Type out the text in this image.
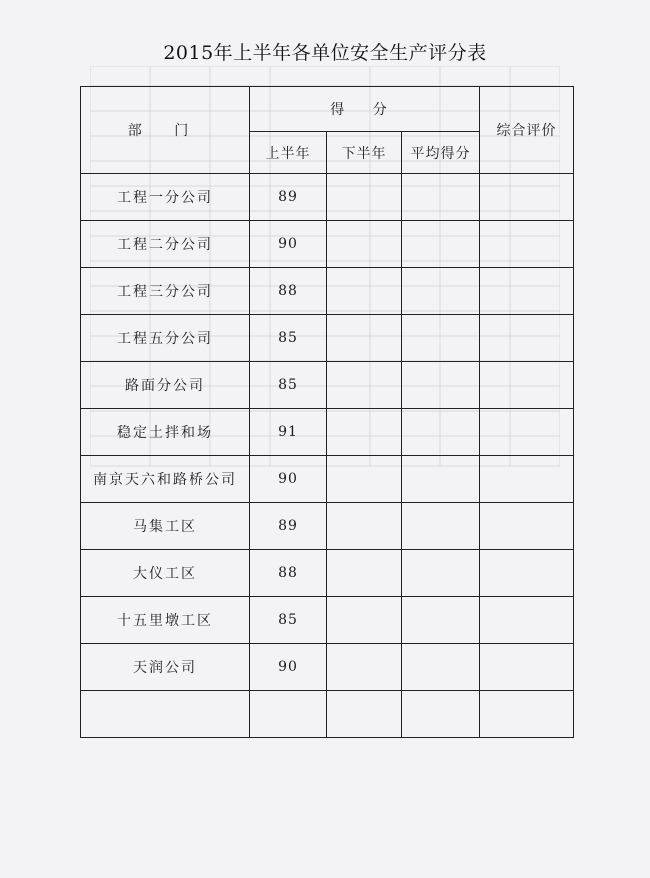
2015年上半年各单位安全生产评分表
部 门	得 分			综合评价
	上半年	下半年	平均得分	
工程一分公司	89			
工程二分公司	90			
工程三分公司	88			
工程五分公司	85			
路面分公司	85			
稳定土拌和场	91			
南京天六和路桥公司	90			
马集工区	89			
大仪工区	88			
十五里墩工区	85			
天润公司	90			
